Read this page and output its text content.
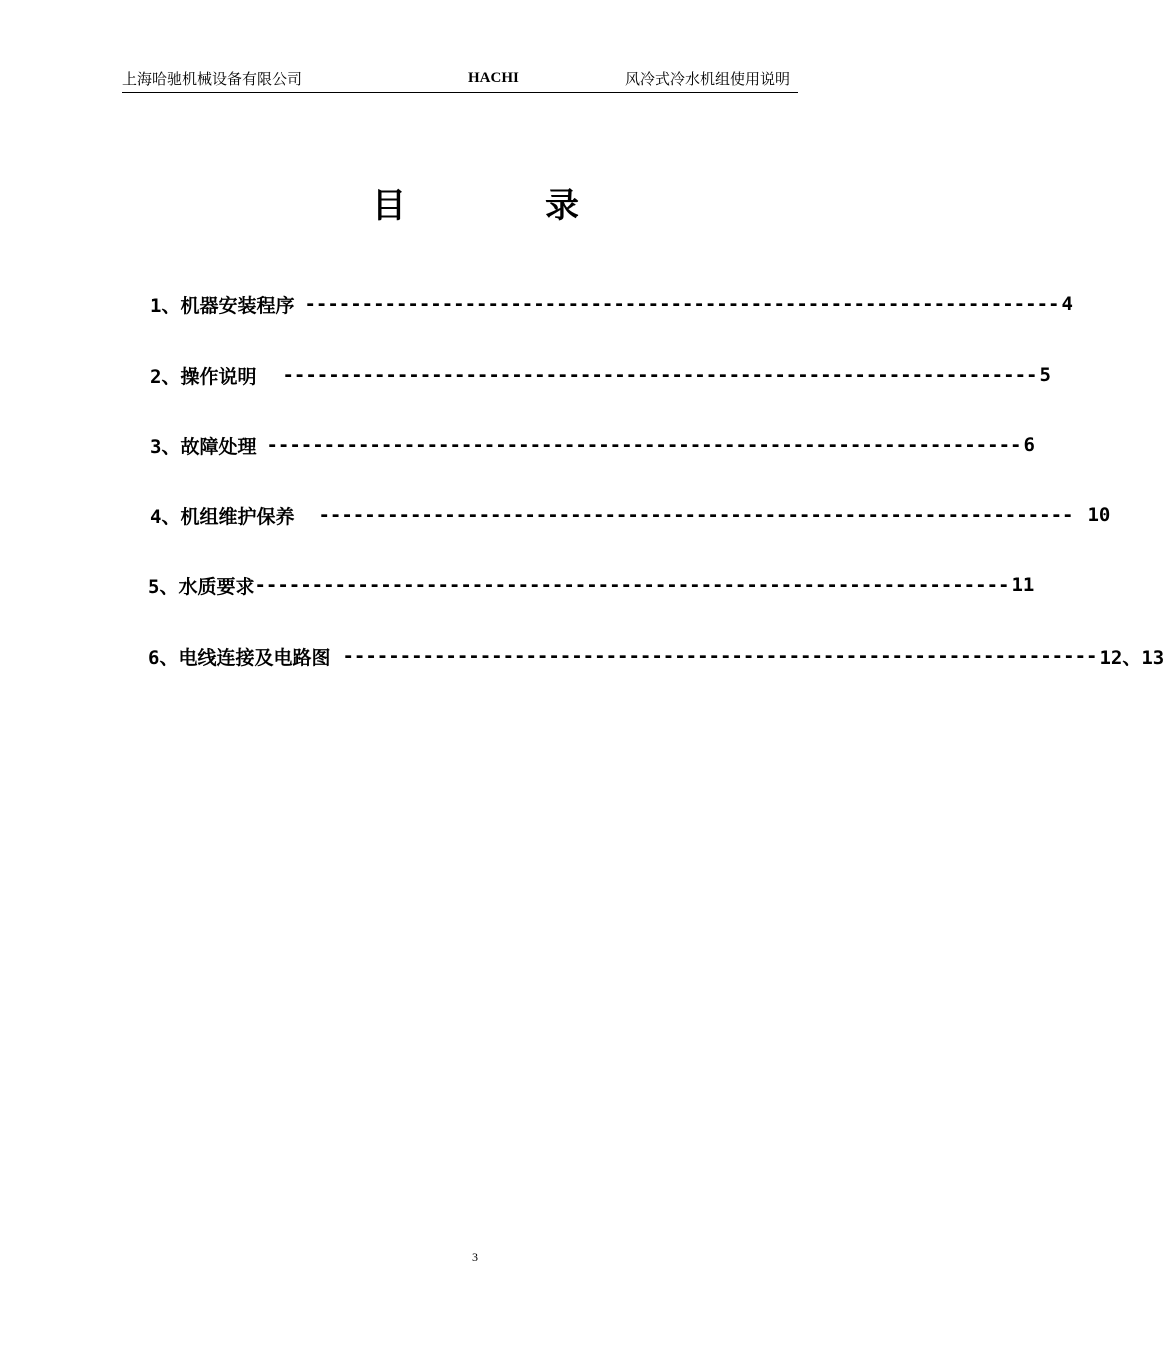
上海哈驰机械设备有限公司	HACHI	风冷式冷水机组使用说明
目	录
1、 机器安装程序 ------------------------------------------------------------------ 4
2、 操作说明 ------------------------------------------------------------------ 5
3、 故障处理 ------------------------------------------------------------------ 6
4、 机组维护保养 ------------------------------------------------------------------ 10
5、 水质要求 ------------------------------------------------------------------ 11
6、 电线连接及电路图 ------------------------------------------------------------------ 12、13
3
